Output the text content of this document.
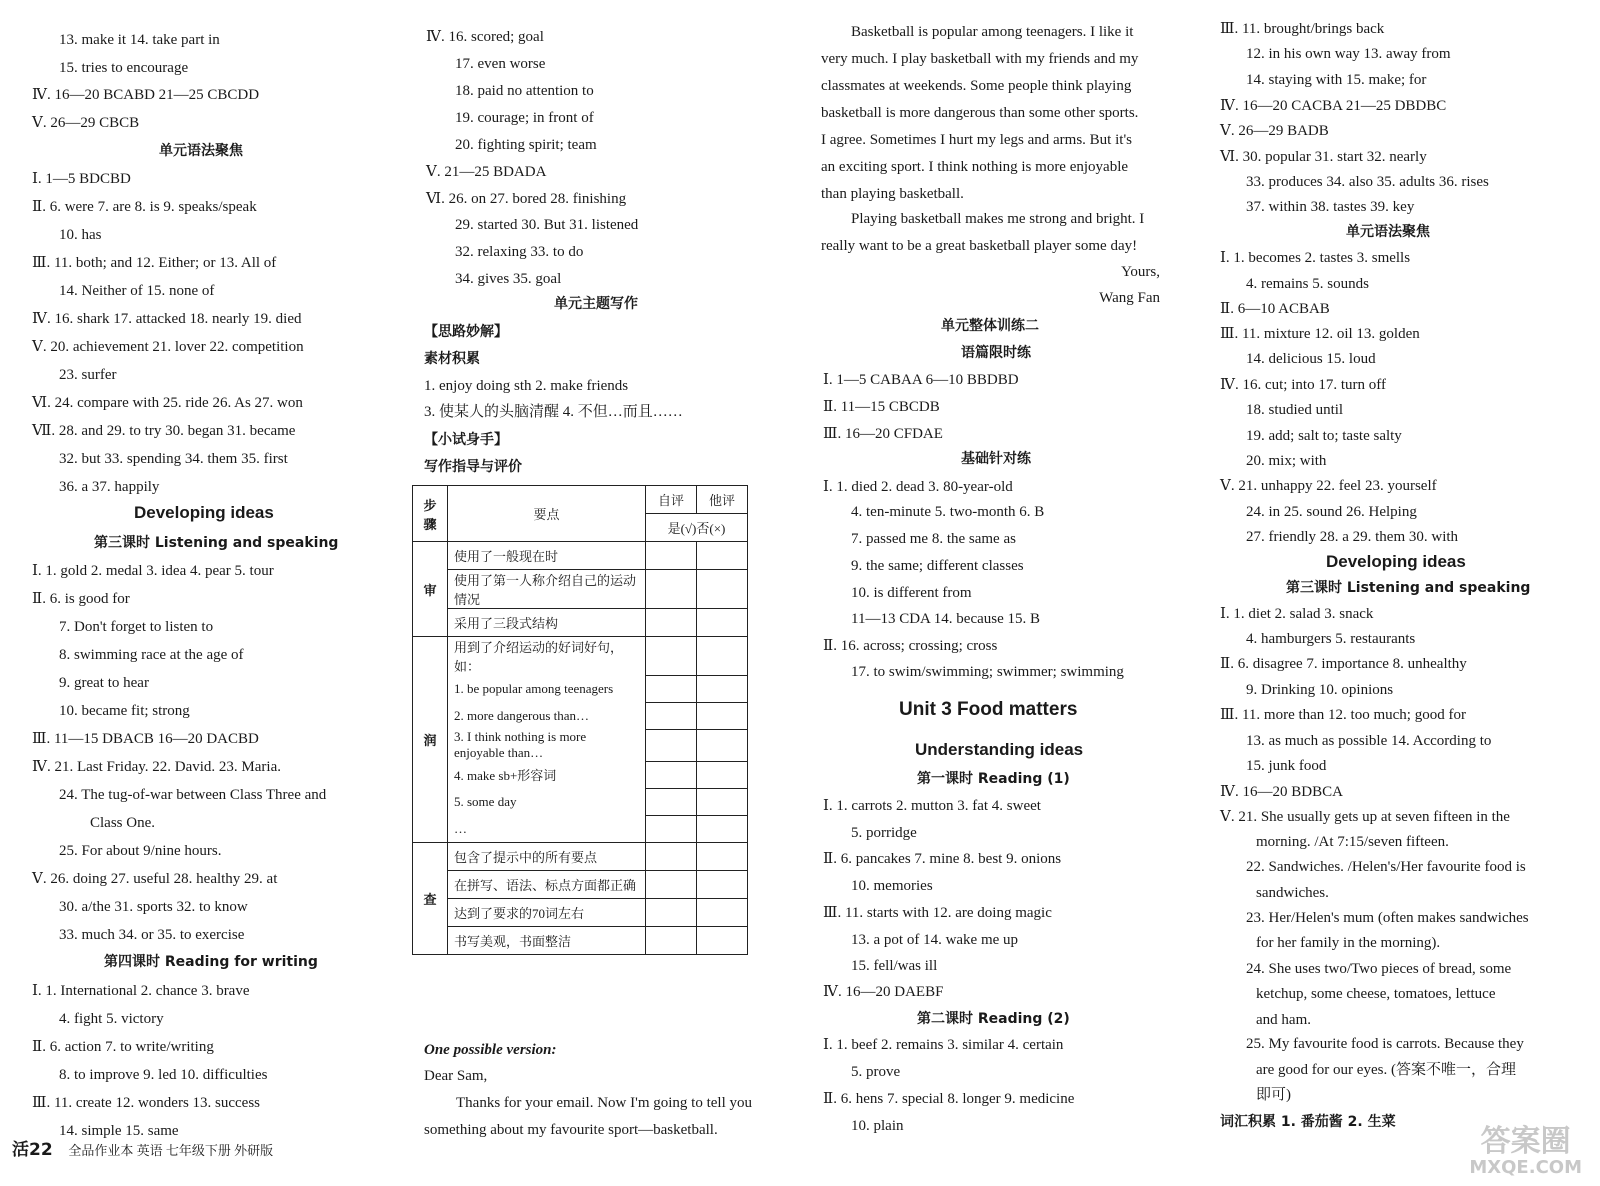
13. make it 14. take part in
15. tries to encourage
Ⅳ. 16—20 BCABD 21—25 CBCDD
Ⅴ. 26—29 CBCB
单元语法聚焦
Ⅰ. 1—5 BDCBD
Ⅱ. 6. were 7. are 8. is 9. speaks/speak
10. has
Ⅲ. 11. both; and 12. Either; or 13. All of
14. Neither of 15. none of
Ⅳ. 16. shark 17. attacked 18. nearly 19. died
Ⅴ. 20. achievement 21. lover 22. competition
23. surfer
Ⅵ. 24. compare with 25. ride 26. As 27. won
Ⅶ. 28. and 29. to try 30. began 31. became
32. but 33. spending 34. them 35. first
36. a 37. happily
Developing ideas
第三课时 Listening and speaking
Ⅰ. 1. gold 2. medal 3. idea 4. pear 5. tour
Ⅱ. 6. is good for
7. Don't forget to listen to
8. swimming race at the age of
9. great to hear
10. became fit; strong
Ⅲ. 11—15 DBACB 16—20 DACBD
Ⅳ. 21. Last Friday. 22. David. 23. Maria.
24. The tug-of-war between Class Three and
Class One.
25. For about 9/nine hours.
Ⅴ. 26. doing 27. useful 28. healthy 29. at
30. a/the 31. sports 32. to know
33. much 34. or 35. to exercise
第四课时 Reading for writing
Ⅰ. 1. International 2. chance 3. brave
4. fight 5. victory
Ⅱ. 6. action 7. to write/writing
8. to improve 9. led 10. difficulties
Ⅲ. 11. create 12. wonders 13. success
14. simple 15. same
Ⅳ. 16. scored; goal
17. even worse
18. paid no attention to
19. courage; in front of
20. fighting spirit; team
Ⅴ. 21—25 BDADA
Ⅵ. 26. on 27. bored 28. finishing
29. started 30. But 31. listened
32. relaxing 33. to do
34. gives 35. goal
单元主题写作
【思路妙解】
素材积累
1. enjoy doing sth 2. make friends
3. 使某人的头脑清醒 4. 不但…而且……
【小试身手】
写作指导与评价
One possible version:
Dear Sam,
Thanks for your email. Now I'm going to tell you
something about my favourite sport—basketball.
Basketball is popular among teenagers. I like it
very much. I play basketball with my friends and my
classmates at weekends. Some people think playing
basketball is more dangerous than some other sports.
I agree. Sometimes I hurt my legs and arms. But it's
an exciting sport. I think nothing is more enjoyable
than playing basketball.
Playing basketball makes me strong and bright. I
really want to be a great basketball player some day!
Yours,
Wang Fan
单元整体训练二
语篇限时练
Ⅰ. 1—5 CABAA 6—10 BBDBD
Ⅱ. 11—15 CBCDB
Ⅲ. 16—20 CFDAE
基础针对练
Ⅰ. 1. died 2. dead 3. 80-year-old
4. ten-minute 5. two-month 6. B
7. passed me 8. the same as
9. the same; different classes
10. is different from
11—13 CDA 14. because 15. B
Ⅱ. 16. across; crossing; cross
17. to swim/swimming; swimmer; swimming
Unit 3 Food matters
Understanding ideas
第一课时 Reading (1)
Ⅰ. 1. carrots 2. mutton 3. fat 4. sweet
5. porridge
Ⅱ. 6. pancakes 7. mine 8. best 9. onions
10. memories
Ⅲ. 11. starts with 12. are doing magic
13. a pot of 14. wake me up
15. fell/was ill
Ⅳ. 16—20 DAEBF
第二课时 Reading (2)
Ⅰ. 1. beef 2. remains 3. similar 4. certain
5. prove
Ⅱ. 6. hens 7. special 8. longer 9. medicine
10. plain
Ⅲ. 11. brought/brings back
12. in his own way 13. away from
14. staying with 15. make; for
Ⅳ. 16—20 CACBA 21—25 DBDBC
Ⅴ. 26—29 BADB
Ⅵ. 30. popular 31. start 32. nearly
33. produces 34. also 35. adults 36. rises
37. within 38. tastes 39. key
单元语法聚焦
Ⅰ. 1. becomes 2. tastes 3. smells
4. remains 5. sounds
Ⅱ. 6—10 ACBAB
Ⅲ. 11. mixture 12. oil 13. golden
14. delicious 15. loud
Ⅳ. 16. cut; into 17. turn off
18. studied until
19. add; salt to; taste salty
20. mix; with
Ⅴ. 21. unhappy 22. feel 23. yourself
24. in 25. sound 26. Helping
27. friendly 28. a 29. them 30. with
Developing ideas
第三课时 Listening and speaking
Ⅰ. 1. diet 2. salad 3. snack
4. hamburgers 5. restaurants
Ⅱ. 6. disagree 7. importance 8. unhealthy
9. Drinking 10. opinions
Ⅲ. 11. more than 12. too much; good for
13. as much as possible 14. According to
15. junk food
Ⅳ. 16—20 BDBCA
Ⅴ. 21. She usually gets up at seven fifteen in the
morning. /At 7:15/seven fifteen.
22. Sandwiches. /Helen's/Her favourite food is
sandwiches.
23. Her/Helen's mum (often makes sandwiches
for her family in the morning).
24. She uses two/Two pieces of bread, some
ketchup, some cheese, tomatoes, lettuce
and ham.
25. My favourite food is carrots. Because they
are good for our eyes. (答案不唯一，合理
即可)
词汇积累 1. 番茄酱 2. 生菜
步骤	要点	自评	他评
		是(√)否(×)	
审	使用了一般现在时		
	使用了第一人称介绍自己的运动情况		
	采用了三段式结构		
润	用到了介绍运动的好词好句，如：		
	1. be popular among teenagers		
	2. more dangerous than…		
	3. I think nothing is more enjoyable than…		
	4. make sb+形容词		
	5. some day		
	…		
查	包含了提示中的所有要点		
	在拼写、语法、标点方面都正确		
	达到了要求的70词左右		
	书写美观，书面整洁		
活22 全品作业本 英语 七年级下册 外研版	答案圈
MXQE.COM
